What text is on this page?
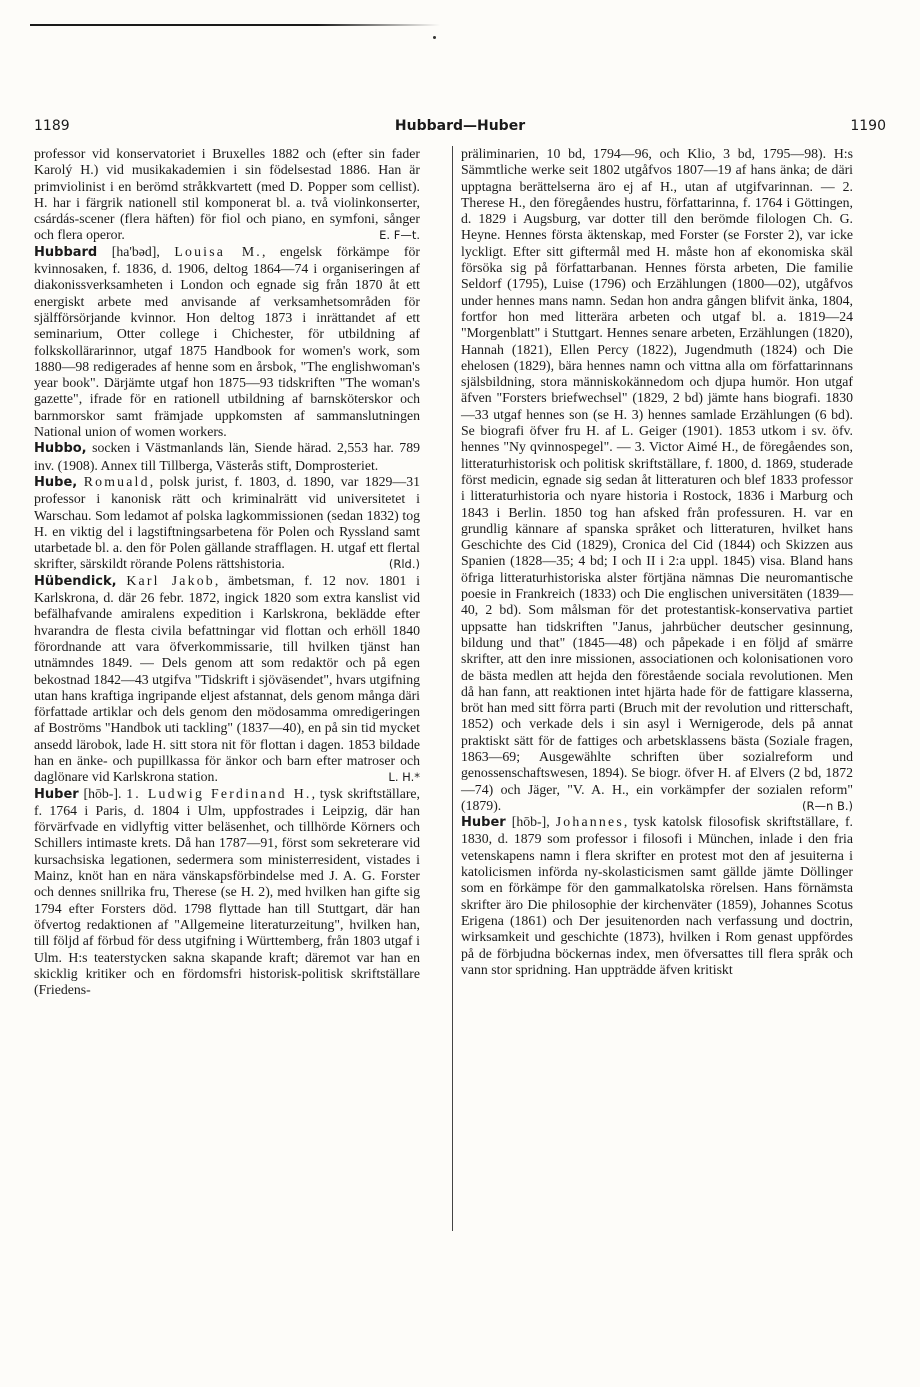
1189	Hubbard—Huber	1190

professor vid konservatoriet i Bruxelles 1882 och (efter sin fader Karolý H.) vid musikakademien i sin födelsestad 1886. Han är primviolinist i en berömd stråkkvartett (med D. Popper som cellist). H. har i färgrik nationell stil komponerat bl. a. två violinkonserter, csárdás-scener (flera häften) för fiol och piano, en symfoni, sånger och flera operor.	E. F—t.

Hubbard [ha'bəd], Louisa M., engelsk förkämpe för kvinnosaken, f. 1836, d. 1906, deltog 1864—74 i organiseringen af diakonissverksamheten i London och egnade sig från 1870 åt ett energiskt arbete med anvisande af verksamhetsområden för själfförsörjande kvinnor. Hon deltog 1873 i inrättandet af ett seminarium, Otter college i Chichester, för utbildning af folkskollärarinnor, utgaf 1875 Handbook for women's work, som 1880—98 redigerades af henne som en årsbok, "The englishwoman's year book". Därjämte utgaf hon 1875—93 tidskriften "The woman's gazette", ifrade för en rationell utbildning af barnsköterskor och barnmorskor samt främjade uppkomsten af sammanslutningen National union of women workers.

Hubbo, socken i Västmanlands län, Siende härad. 2,553 har. 789 inv. (1908). Annex till Tillberga, Västerås stift, Domprosteriet.

Hube, Romuald, polsk jurist, f. 1803, d. 1890, var 1829—31 professor i kanonisk rätt och kriminalrätt vid universitetet i Warschau. Som ledamot af polska lagkommissionen (sedan 1832) tog H. en viktig del i lagstiftningsarbetena för Polen och Ryssland samt utarbetade bl. a. den för Polen gällande strafflagen. H. utgaf ett flertal skrifter, särskildt rörande Polens rättshistoria.	(Rld.)

Hübendick, Karl Jakob, ämbetsman, f. 12 nov. 1801 i Karlskrona, d. där 26 febr. 1872, ingick 1820 som extra kanslist vid befälhafvande amiralens expedition i Karlskrona, beklädde efter hvarandra de flesta civila befattningar vid flottan och erhöll 1840 förordnande att vara öfverkommissarie, till hvilken tjänst han utnämndes 1849. — Dels genom att som redaktör och på egen bekostnad 1842—43 utgifva "Tidskrift i sjöväsendet", hvars utgifning utan hans kraftiga ingripande eljest afstannat, dels genom många däri författade artiklar och dels genom den mödosamma omredigeringen af Boströms "Handbok uti tackling" (1837—40), en på sin tid mycket ansedd lärobok, lade H. sitt stora nit för flottan i dagen. 1853 bildade han en änke- och pupillkassa för änkor och barn efter matroser och daglönare vid Karlskrona station.	L. H.*

Huber [hōb-]. 1. Ludwig Ferdinand H., tysk skriftställare, f. 1764 i Paris, d. 1804 i Ulm, uppfostrades i Leipzig, där han förvärfvade en vidlyftig vitter beläsenhet, och tillhörde Körners och Schillers intimaste krets. Då han 1787—91, först som sekreterare vid kursachsiska legationen, sedermera som ministerresident, vistades i Mainz, knöt han en nära vänskapsförbindelse med J. A. G. Forster och dennes snillrika fru, Therese (se H. 2), med hvilken han gifte sig 1794 efter Forsters död. 1798 flyttade han till Stuttgart, där han öfvertog redaktionen af "Allgemeine literaturzeitung", hvilken han, till följd af förbud för dess utgifning i Württemberg, från 1803 utgaf i Ulm. H:s teaterstycken sakna skapande kraft; däremot var han en skicklig kritiker och en fördomsfri historisk-politisk skriftställare (Friedens-

präliminarien, 10 bd, 1794—96, och Klio, 3 bd, 1795—98). H:s Sämmtliche werke seit 1802 utgåfvos 1807—19 af hans änka; de däri upptagna berättelserna äro ej af H., utan af utgifvarinnan. — 2. Therese H., den föregåendes hustru, författarinna, f. 1764 i Göttingen, d. 1829 i Augsburg, var dotter till den berömde filologen Ch. G. Heyne. Hennes första äktenskap, med Forster (se Forster 2), var icke lyckligt. Efter sitt giftermål med H. måste hon af ekonomiska skäl försöka sig på författarbanan. Hennes första arbeten, Die familie Seldorf (1795), Luise (1796) och Erzählungen (1800—02), utgåfvos under hennes mans namn. Sedan hon andra gången blifvit änka, 1804, fortfor hon med litterära arbeten och utgaf bl. a. 1819—24 "Morgenblatt" i Stuttgart. Hennes senare arbeten, Erzählungen (1820), Hannah (1821), Ellen Percy (1822), Jugendmuth (1824) och Die ehelosen (1829), bära hennes namn och vittna alla om författarinnans själsbildning, stora människokännedom och djupa humör. Hon utgaf äfven "Forsters briefwechsel" (1829, 2 bd) jämte hans biografi. 1830—33 utgaf hennes son (se H. 3) hennes samlade Erzählungen (6 bd). Se biografi öfver fru H. af L. Geiger (1901). 1853 utkom i sv. öfv. hennes "Ny qvinnospegel". — 3. Victor Aimé H., de föregåendes son, litteraturhistorisk och politisk skriftställare, f. 1800, d. 1869, studerade först medicin, egnade sig sedan åt litteraturen och blef 1833 professor i litteraturhistoria och nyare historia i Rostock, 1836 i Marburg och 1843 i Berlin. 1850 tog han afsked från professuren. H. var en grundlig kännare af spanska språket och litteraturen, hvilket hans Geschichte des Cid (1829), Cronica del Cid (1844) och Skizzen aus Spanien (1828—35; 4 bd; I och II i 2:a uppl. 1845) visa. Bland hans öfriga litteraturhistoriska alster förtjäna nämnas Die neuromantische poesie in Frankreich (1833) och Die englischen universitäten (1839—40, 2 bd). Som målsman för det protestantisk-konservativa partiet uppsatte han tidskriften "Janus, jahrbücher deutscher gesinnung, bildung und that" (1845—48) och påpekade i en följd af smärre skrifter, att den inre missionen, associationen och kolonisationen voro de bästa medlen att hejda den förestående sociala revolutionen. Men då han fann, att reaktionen intet hjärta hade för de fattigare klasserna, bröt han med sitt förra parti (Bruch mit der revolution und ritterschaft, 1852) och verkade dels i sin asyl i Wernigerode, dels på annat praktiskt sätt för de fattiges och arbetsklassens bästa (Soziale fragen, 1863—69; Ausgewählte schriften über sozialreform und genossenschaftswesen, 1894). Se biogr. öfver H. af Elvers (2 bd, 1872—74) och Jäger, "V. A. H., ein vorkämpfer der sozialen reform" (1879).	(R—n B.)

Huber [hōb-], Johannes, tysk katolsk filosofisk skriftställare, f. 1830, d. 1879 som professor i filosofi i München, inlade i den fria vetenskapens namn i flera skrifter en protest mot den af jesuiterna i katolicismen införda ny-skolasticismen samt gällde jämte Döllinger som en förkämpe för den gammalkatolska rörelsen. Hans förnämsta skrifter äro Die philosophie der kirchenväter (1859), Johannes Scotus Erigena (1861) och Der jesuitenorden nach verfassung und doctrin, wirksamkeit und geschichte (1873), hvilken i Rom genast uppfördes på de förbjudna böckernas index, men öfversattes till flera språk och vann stor spridning. Han uppträdde äfven kritiskt
